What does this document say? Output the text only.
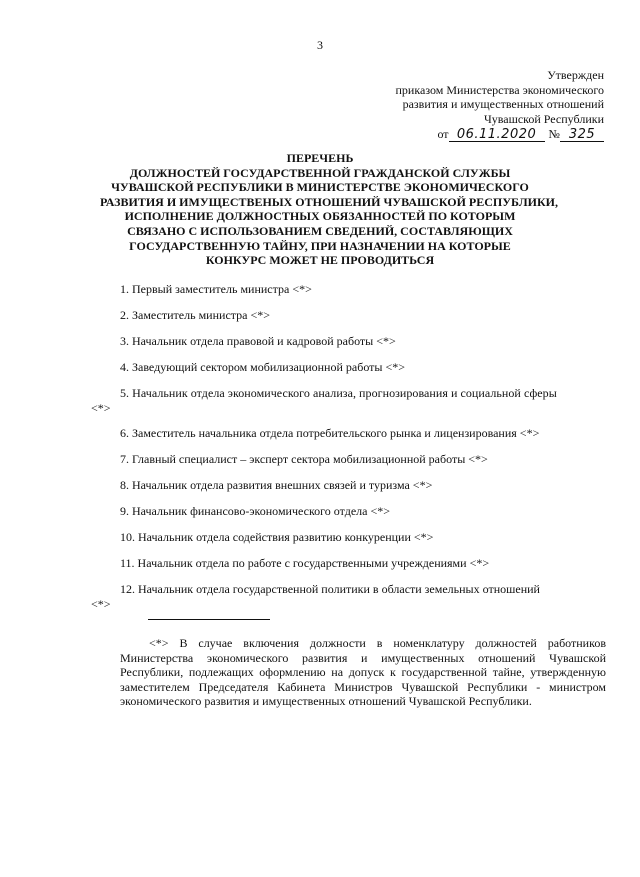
3
Утвержден
приказом Министерства экономического
развития и имущественных отношений
Чувашской Республики
от 06.11.2020 № 325
ПЕРЕЧЕНЬ
ДОЛЖНОСТЕЙ ГОСУДАРСТВЕННОЙ ГРАЖДАНСКОЙ СЛУЖБЫ
ЧУВАШСКОЙ РЕСПУБЛИКИ В МИНИСТЕРСТВЕ ЭКОНОМИЧЕСКОГО
РАЗВИТИЯ И ИМУЩЕСТВЕНЫХ ОТНОШЕНИЙ ЧУВАШСКОЙ РЕСПУБЛИКИ,
ИСПОЛНЕНИЕ ДОЛЖНОСТНЫХ ОБЯЗАННОСТЕЙ ПО КОТОРЫМ
СВЯЗАНО С ИСПОЛЬЗОВАНИЕМ СВЕДЕНИЙ, СОСТАВЛЯЮЩИХ
ГОСУДАРСТВЕННУЮ ТАЙНУ, ПРИ НАЗНАЧЕНИИ НА КОТОРЫЕ
КОНКУРС МОЖЕТ НЕ ПРОВОДИТЬСЯ
1. Первый заместитель министра <*>
2. Заместитель министра <*>
3. Начальник отдела правовой и кадровой работы <*>
4. Заведующий сектором мобилизационной работы <*>
5. Начальник отдела экономического анализа, прогнозирования и социальной сферы
<*>
6. Заместитель начальника отдела потребительского рынка и лицензирования <*>
7. Главный специалист – эксперт сектора мобилизационной работы <*>
8. Начальник отдела развития внешних связей и туризма <*>
9. Начальник финансово-экономического отдела <*>
10. Начальник отдела содействия развитию конкуренции <*>
11. Начальник отдела по работе с государственными учреждениями <*>
12. Начальник отдела государственной политики в области земельных отношений
<*>
<*> В случае включения должности в номенклатуру должностей работников
Министерства экономического развития и имущественных отношений Чувашской
Республики, подлежащих оформлению на допуск к государственной тайне, утвержденную
заместителем Председателя Кабинета Министров Чувашской Республики - министром
экономического развития и имущественных отношений Чувашской Республики.
